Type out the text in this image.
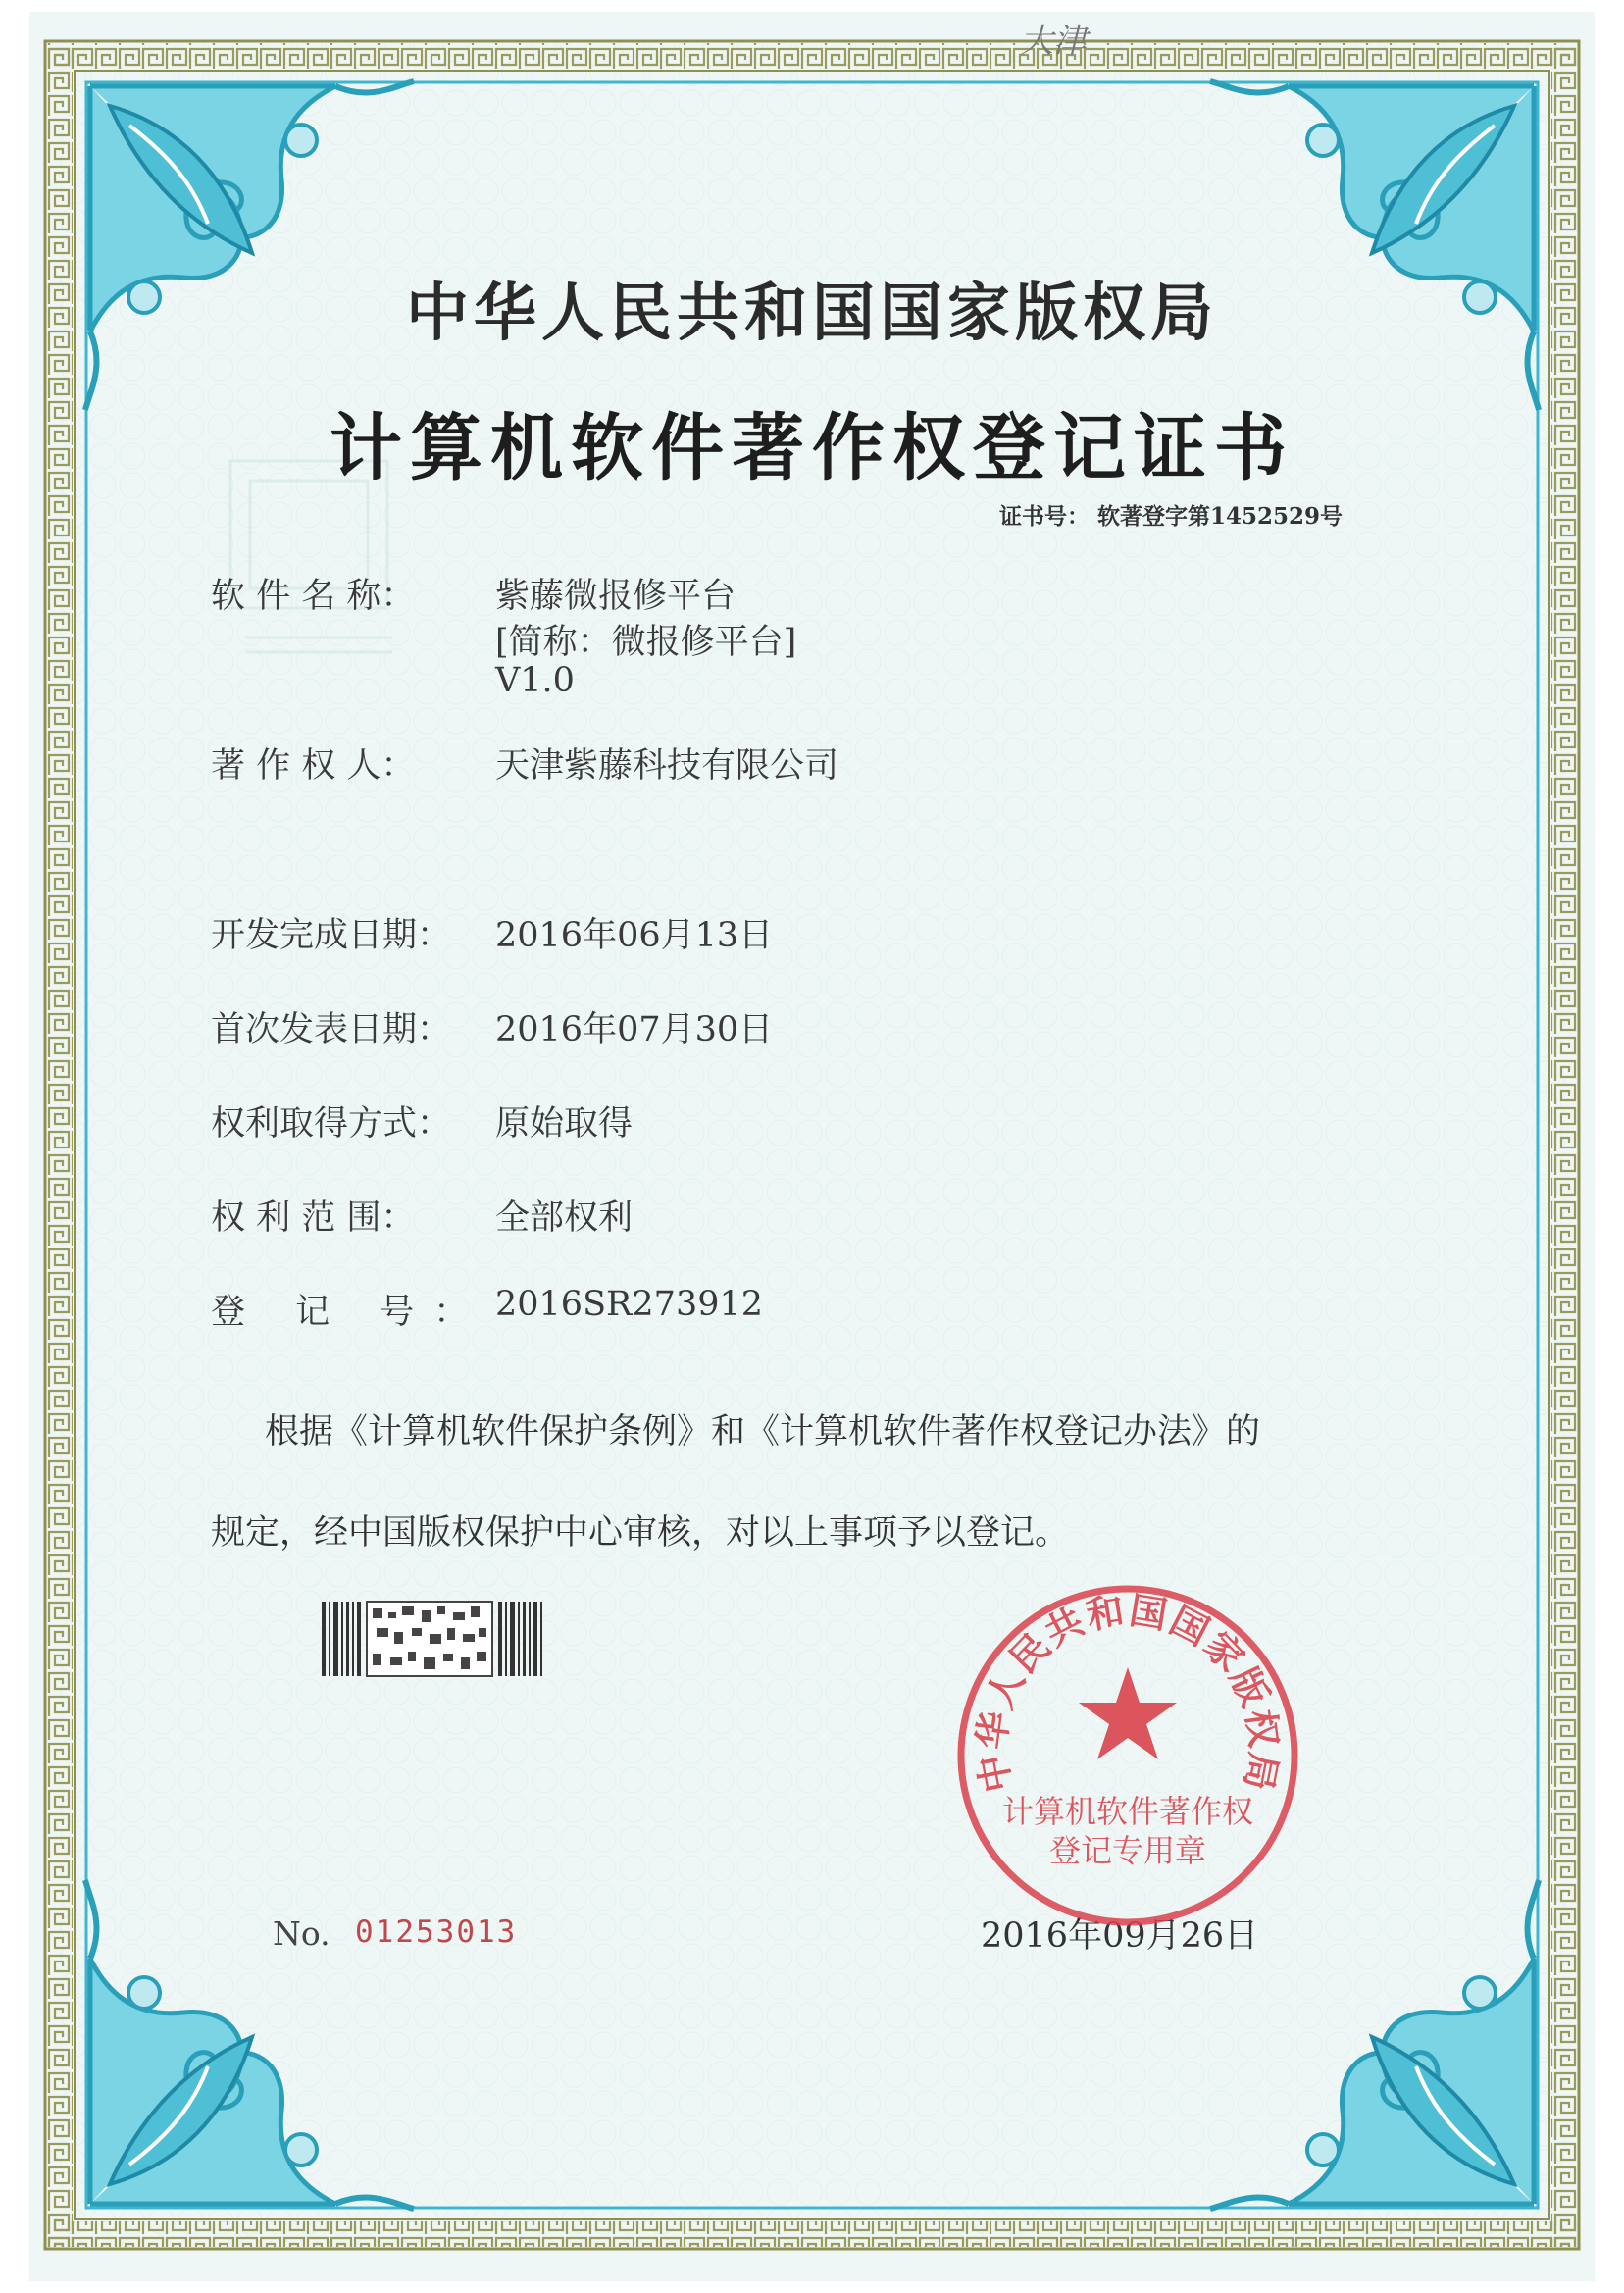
大津
中华人民共和国国家版权局
计算机软件著作权登记证书
证书号： 软著登字第1452529号
软 件 名 称： 紫藤微报修平台
[简称：微报修平台]
V1.0
著 作 权 人： 天津紫藤科技有限公司
开发完成日期： 2016年06月13日
首次发表日期： 2016年07月30日
权利取得方式： 原始取得
权 利 范 围： 全部权利
登 记 号： 2016SR273912
根据《计算机软件保护条例》和《计算机软件著作权登记办法》的
规定，经中国版权保护中心审核，对以上事项予以登记。
No. 01253013	2016年09月26日
中华人民共和国国家版权局
计算机软件著作权
登记专用章
